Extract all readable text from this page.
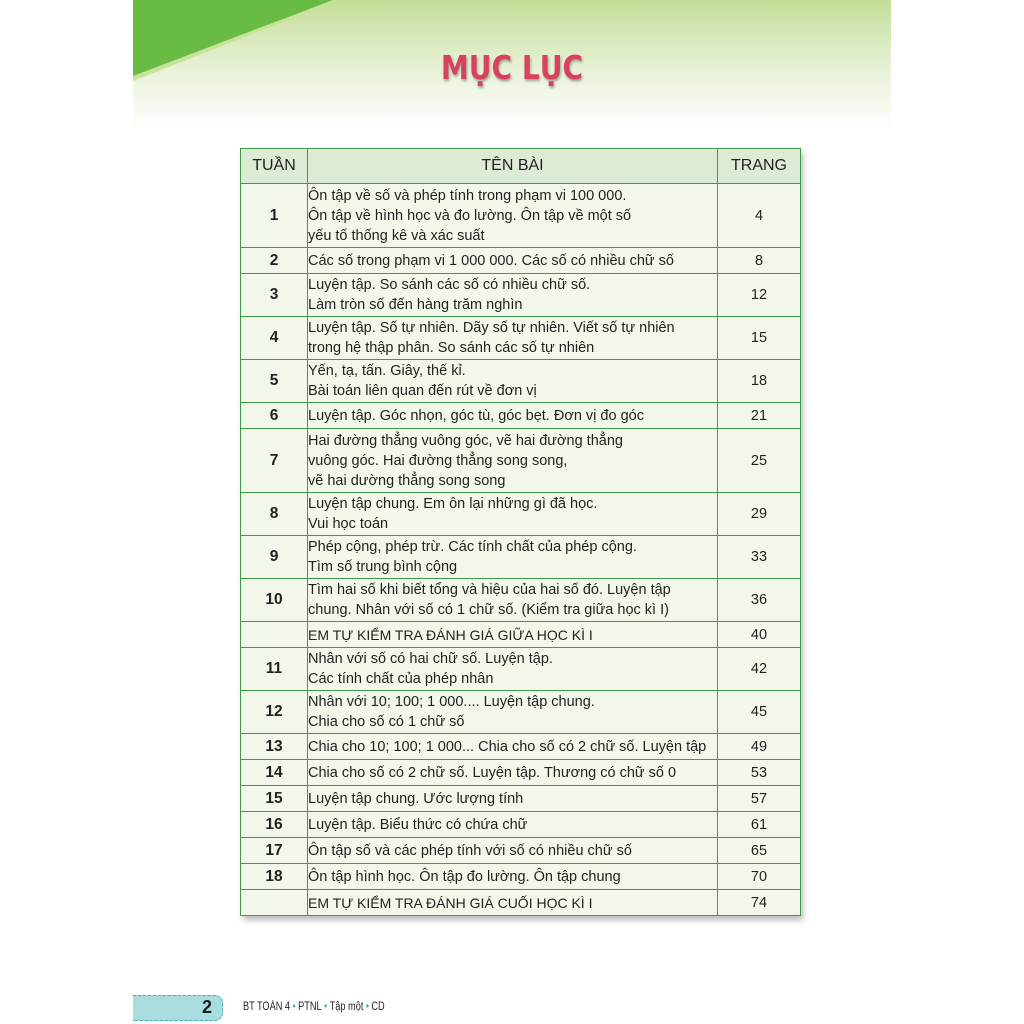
MỤC LỤC
TUẦN	TÊN BÀI	TRANG
1	Ôn tập về số và phép tính trong phạm vi 100 000.
Ôn tập về hình học và đo lường. Ôn tập về một số
yếu tố thống kê và xác suất	4
2	Các số trong phạm vi 1 000 000. Các số có nhiều chữ số	8
3	Luyện tập. So sánh các số có nhiều chữ số.
Làm tròn số đến hàng trăm nghìn	12
4	Luyện tập. Số tự nhiên. Dãy số tự nhiên. Viết số tự nhiên
trong hệ thập phân. So sánh các số tự nhiên	15
5	Yến, tạ, tấn. Giây, thế kỉ.
Bài toán liên quan đến rút về đơn vị	18
6	Luyện tập. Góc nhọn, góc tù, góc bẹt. Đơn vị đo góc	21
7	Hai đường thẳng vuông góc, vẽ hai đường thẳng
vuông góc. Hai đường thẳng song song,
vẽ hai dường thẳng song song	25
8	Luyện tập chung. Em ôn lại những gì đã học.
Vui học toán	29
9	Phép cộng, phép trừ. Các tính chất của phép cộng.
Tìm số trung bình cộng	33
10	Tìm hai số khi biết tổng và hiệu của hai số đó. Luyện tập
chung. Nhân với số có 1 chữ số. (Kiểm tra giữa học kì I)	36

	EM TỰ KIỂM TRA ĐÁNH GIÁ GIỮA HỌC KÌ I	40
11	Nhân với số có hai chữ số. Luyện tập.
Các tính chất của phép nhân	42
12	Nhân với 10; 100; 1 000.... Luyện tập chung.
Chia cho số có 1 chữ số	45
13	Chia cho 10; 100; 1 000... Chia cho số có 2 chữ số. Luyện tập	49
14	Chia cho số có 2 chữ số. Luyện tập. Thương có chữ số 0	53
15	Luyện tập chung. Ước lượng tính	57
16	Luyện tập. Biểu thức có chứa chữ	61
17	Ôn tập số và các phép tính với số có nhiều chữ số	65
18	Ôn tập hình học. Ôn tập đo lường. Ôn tập chung	70

	EM TỰ KIỂM TRA ĐÁNH GIÁ CUỐI HỌC KÌ I	74
2	BT TOÁN 4 • PTNL • Tập một • CD
